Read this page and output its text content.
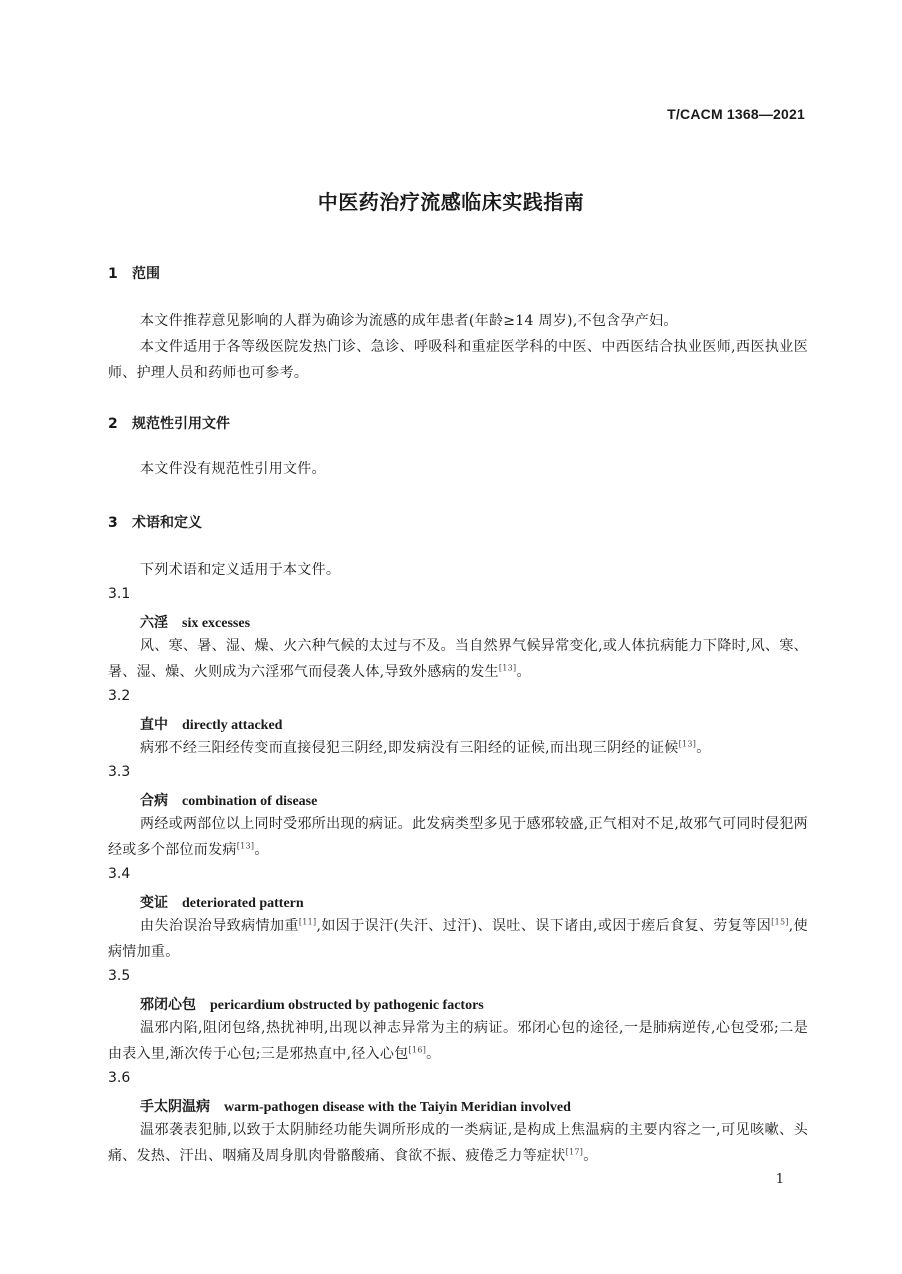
T/CACM 1368—2021
中医药治疗流感临床实践指南
1 范围

本文件推荐意见影响的人群为确诊为流感的成年患者(年龄≥14 周岁),不包含孕产妇。

本文件适用于各等级医院发热门诊、急诊、呼吸科和重症医学科的中医、中西医结合执业医师,西医执业医师、护理人员和药师也可参考。

2 规范性引用文件

本文件没有规范性引用文件。

3 术语和定义

下列术语和定义适用于本文件。

3.1
六淫 six excesses

风、寒、暑、湿、燥、火六种气候的太过与不及。当自然界气候异常变化,或人体抗病能力下降时,风、寒、暑、湿、燥、火则成为六淫邪气而侵袭人体,导致外感病的发生[13]。

3.2
直中 directly attacked

病邪不经三阳经传变而直接侵犯三阴经,即发病没有三阳经的证候,而出现三阴经的证候[13]。

3.3
合病 combination of disease

两经或两部位以上同时受邪所出现的病证。此发病类型多见于感邪较盛,正气相对不足,故邪气可同时侵犯两经或多个部位而发病[13]。

3.4
变证 deteriorated pattern

由失治误治导致病情加重[11],如因于误汗(失汗、过汗)、误吐、误下诸由,或因于瘥后食复、劳复等因[15],使病情加重。

3.5
邪闭心包 pericardium obstructed by pathogenic factors

温邪内陷,阻闭包络,热扰神明,出现以神志异常为主的病证。邪闭心包的途径,一是肺病逆传,心包受邪;二是由表入里,渐次传于心包;三是邪热直中,径入心包[16]。

3.6
手太阴温病 warm-pathogen disease with the Taiyin Meridian involved

温邪袭表犯肺,以致于太阴肺经功能失调所形成的一类病证,是构成上焦温病的主要内容之一,可见咳嗽、头痛、发热、汗出、咽痛及周身肌肉骨骼酸痛、食欲不振、疲倦乏力等症状[17]。

1
